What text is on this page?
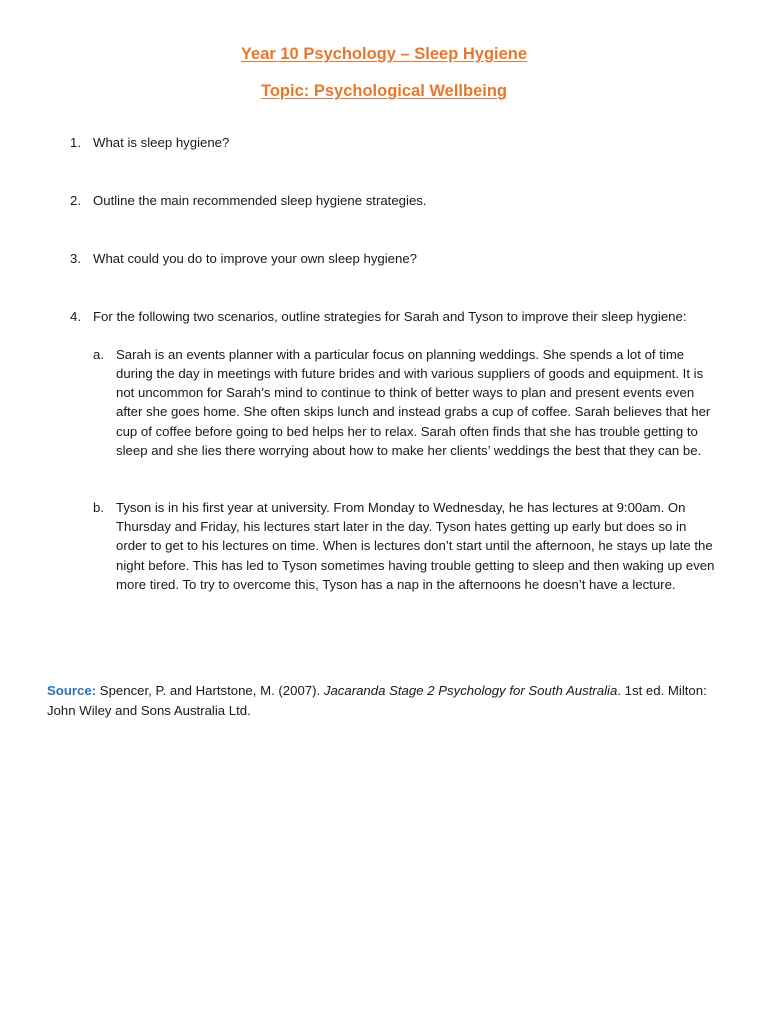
Year 10 Psychology – Sleep Hygiene
Topic: Psychological Wellbeing
1. What is sleep hygiene?
2. Outline the main recommended sleep hygiene strategies.
3. What could you do to improve your own sleep hygiene?
4. For the following two scenarios, outline strategies for Sarah and Tyson to improve their sleep hygiene:
a. Sarah is an events planner with a particular focus on planning weddings. She spends a lot of time during the day in meetings with future brides and with various suppliers of goods and equipment. It is not uncommon for Sarah’s mind to continue to think of better ways to plan and present events even after she goes home. She often skips lunch and instead grabs a cup of coffee. Sarah believes that her cup of coffee before going to bed helps her to relax. Sarah often finds that she has trouble getting to sleep and she lies there worrying about how to make her clients’ weddings the best that they can be.
b. Tyson is in his first year at university. From Monday to Wednesday, he has lectures at 9:00am. On Thursday and Friday, his lectures start later in the day. Tyson hates getting up early but does so in order to get to his lectures on time. When is lectures don’t start until the afternoon, he stays up late the night before. This has led to Tyson sometimes having trouble getting to sleep and then waking up even more tired. To try to overcome this, Tyson has a nap in the afternoons he doesn’t have a lecture.

Source: Spencer, P. and Hartstone, M. (2007). Jacaranda Stage 2 Psychology for South Australia. 1st ed. Milton: John Wiley and Sons Australia Ltd.
